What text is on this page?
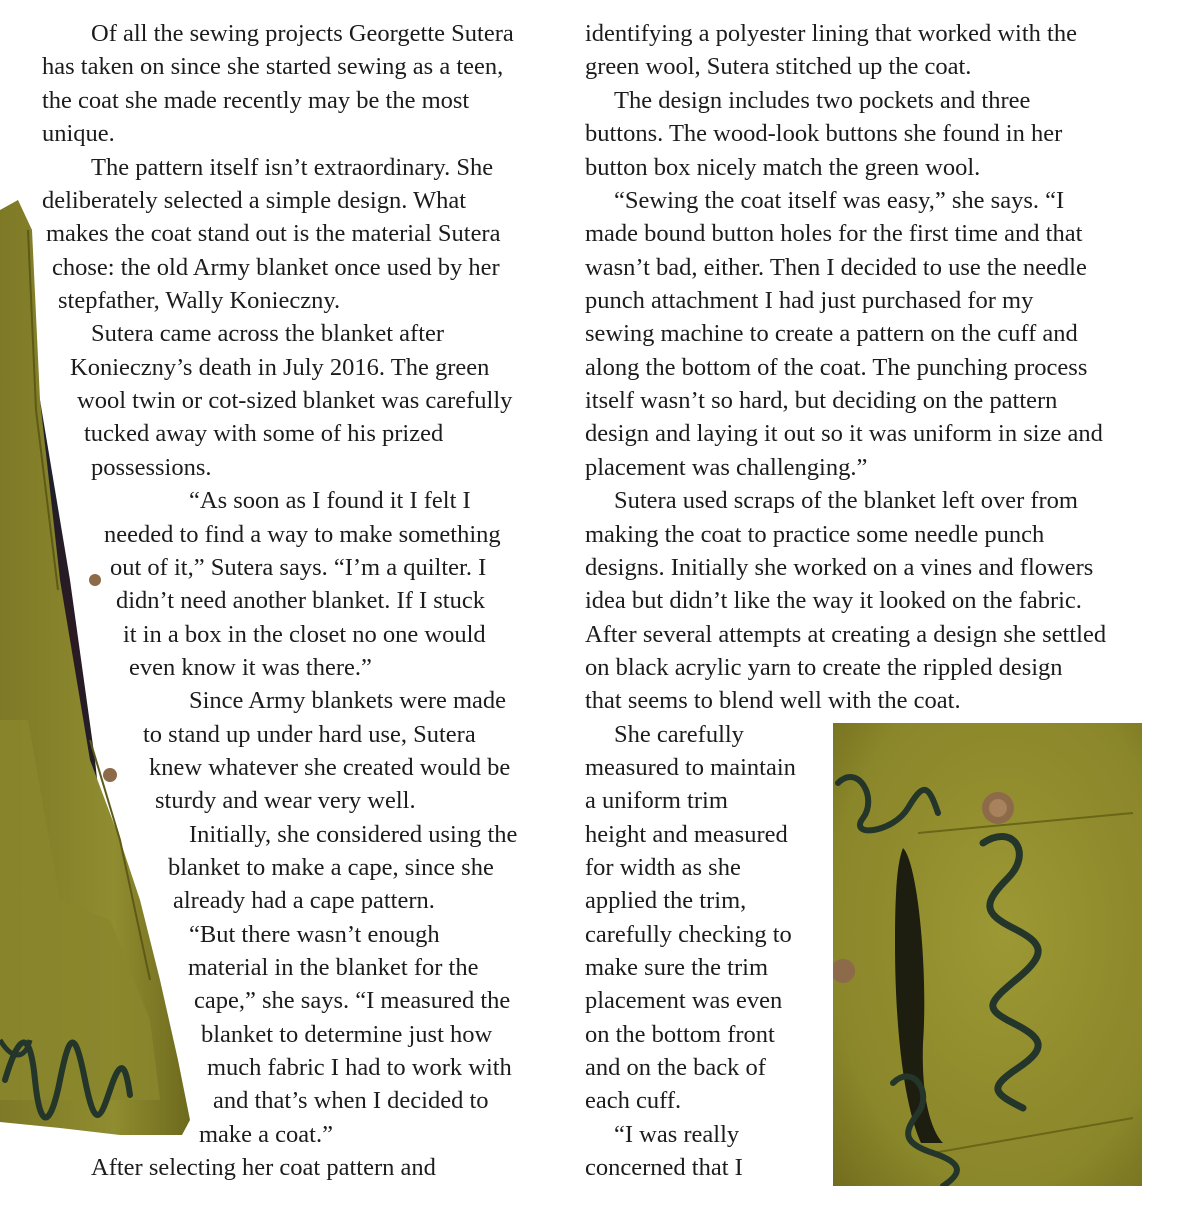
Of all the sewing projects Georgette Sutera
has taken on since she started sewing as a teen,
the coat she made recently may be the most
unique.
The pattern itself isn’t extraordinary. She
deliberately selected a simple design. What
makes the coat stand out is the material Sutera
chose: the old Army blanket once used by her
stepfather, Wally Konieczny.
Sutera came across the blanket after
Konieczny’s death in July 2016. The green
wool twin or cot-sized blanket was carefully
tucked away with some of his prized
possessions.
“As soon as I found it I felt I
needed to find a way to make something
out of it,” Sutera says. “I’m a quilter. I
didn’t need another blanket. If I stuck
it in a box in the closet no one would
even know it was there.”
Since Army blankets were made
to stand up under hard use, Sutera
knew whatever she created would be
sturdy and wear very well.
Initially, she considered using the
blanket to make a cape, since she
already had a cape pattern.
“But there wasn’t enough
material in the blanket for the
cape,” she says. “I measured the
blanket to determine just how
much fabric I had to work with
and that’s when I decided to
make a coat.”
After selecting her coat pattern and
identifying a polyester lining that worked with the
green wool, Sutera stitched up the coat.
The design includes two pockets and three
buttons. The wood-look buttons she found in her
button box nicely match the green wool.
“Sewing the coat itself was easy,” she says. “I
made bound button holes for the first time and that
wasn’t bad, either. Then I decided to use the needle
punch attachment I had just purchased for my
sewing machine to create a pattern on the cuff and
along the bottom of the coat. The punching process
itself wasn’t so hard, but deciding on the pattern
design and laying it out so it was uniform in size and
placement was challenging.”
Sutera used scraps of the blanket left over from
making the coat to practice some needle punch
designs. Initially she worked on a vines and flowers
idea but didn’t like the way it looked on the fabric.
After several attempts at creating a design she settled
on black acrylic yarn to create the rippled design
that seems to blend well with the coat.
She carefully
measured to maintain
a uniform trim
height and measured
for width as she
applied the trim,
carefully checking to
make sure the trim
placement was even
on the bottom front
and on the back of
each cuff.
“I was really
concerned that I
